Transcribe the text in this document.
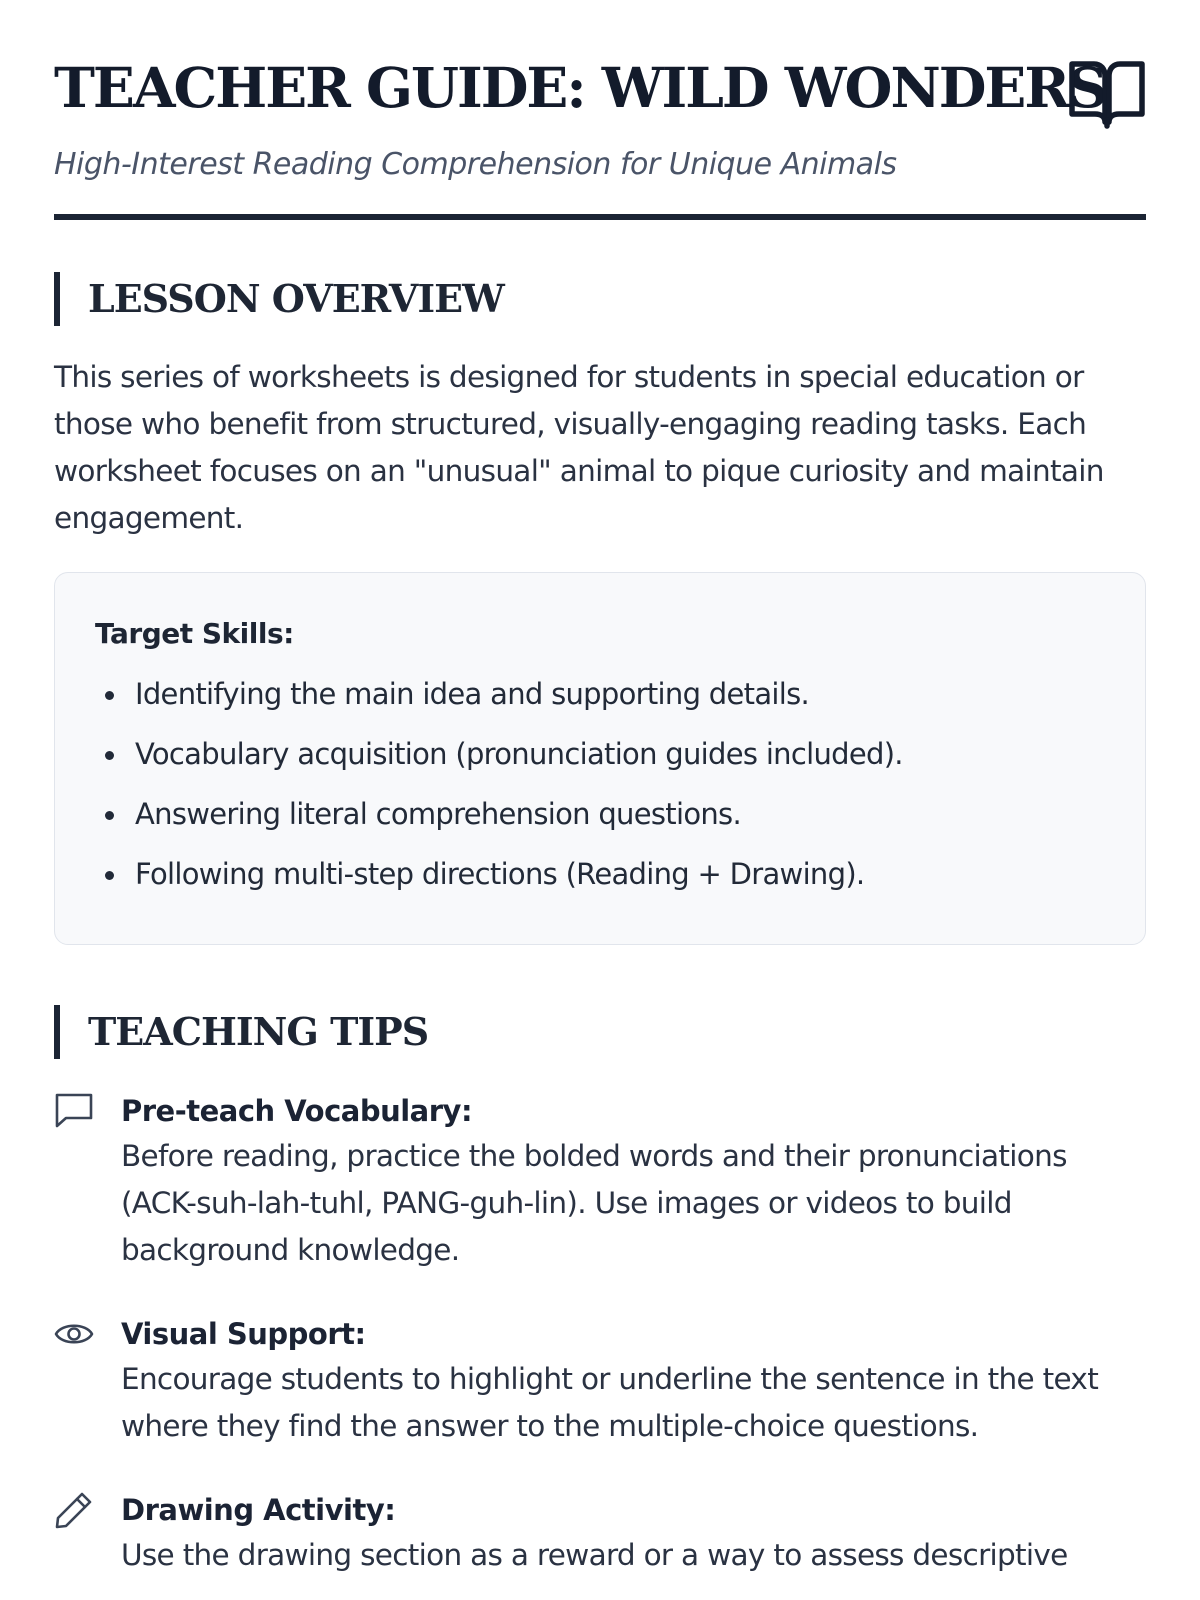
TEACHER GUIDE: WILD WONDERS
High-Interest Reading Comprehension for Unique Animals
LESSON OVERVIEW

This series of worksheets is designed for students in special education or those who benefit from structured, visually-engaging reading tasks. Each worksheet focuses on an "unusual" animal to pique curiosity and maintain engagement.

Target Skills:
Identifying the main idea and supporting details.
Vocabulary acquisition (pronunciation guides included).
Answering literal comprehension questions.
Following multi-step directions (Reading + Drawing).
TEACHING TIPS
Pre-teach Vocabulary:
Before reading, practice the bolded words and their pronunciations (ACK-suh-lah-tuhl, PANG-guh-lin). Use images or videos to build background knowledge.
Visual Support:
Encourage students to highlight or underline the sentence in the text where they find the answer to the multiple-choice questions.
Drawing Activity:
Use the drawing section as a reward or a way to assess descriptive
